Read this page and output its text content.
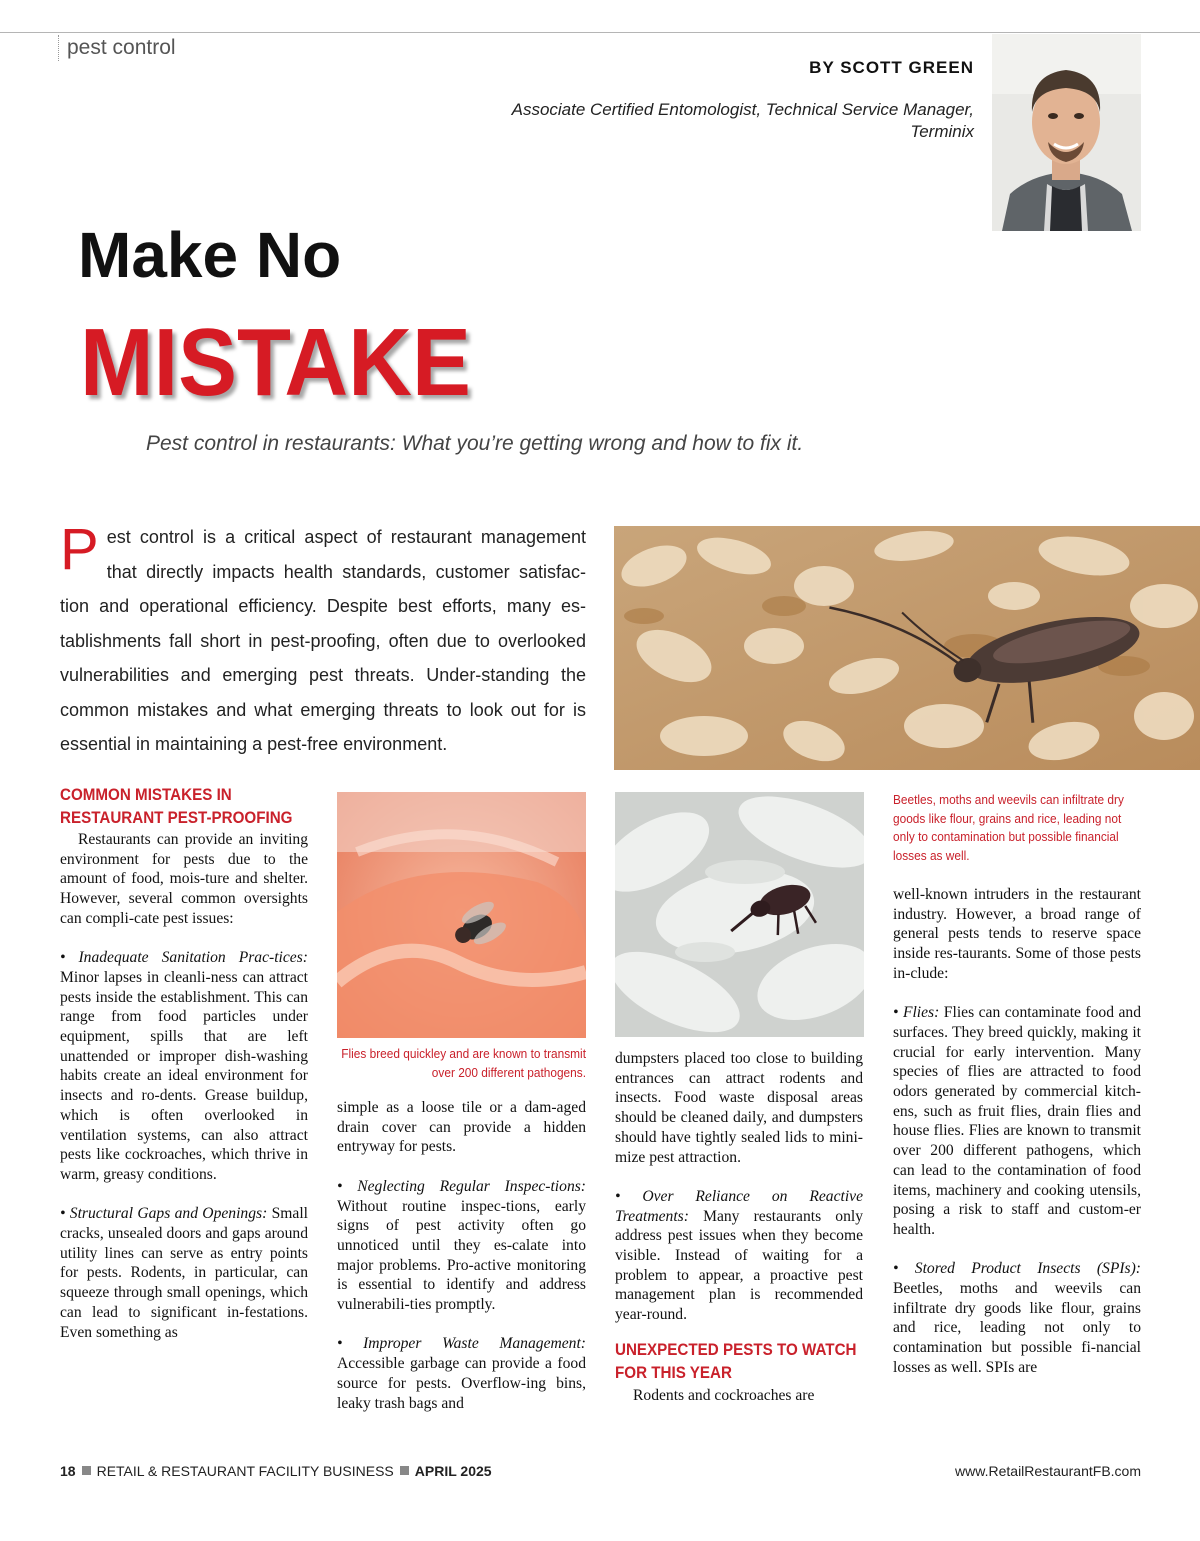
pest control
BY SCOTT GREEN
Associate Certified Entomologist, Technical Service Manager,
Terminix
Make No
MISTAKE
Pest control in restaurants: What you’re getting wrong and how to fix it.
P est control is a critical aspect of restaurant management that directly impacts health standards, customer satisfac-tion and operational efficiency. Despite best efforts, many es-tablishments fall short in pest-proofing, often due to overlooked vulnerabilities and emerging pest threats. Under-standing the common mistakes and what emerging threats to look out for is essential in maintaining a pest-free environment.
COMMON MISTAKES IN RESTAURANT PEST-PROOFING

Restaurants can provide an inviting environment for pests due to the amount of food, mois-ture and shelter. However, several common oversights can compli-cate pest issues:

• Inadequate Sanitation Prac-tices: Minor lapses in cleanli-ness can attract pests inside the establishment. This can range from food particles under equipment, spills that are left unattended or improper dish-washing habits create an ideal environment for insects and ro-dents. Grease buildup, which is often overlooked in ventilation systems, can also attract pests like cockroaches, which thrive in warm, greasy conditions.

• Structural Gaps and Openings: Small cracks, unsealed doors and gaps around utility lines can serve as entry points for pests. Rodents, in particular, can squeeze through small openings, which can lead to significant in-festations. Even something as

Flies breed quickley and are known to transmit over 200 different pathogens.

simple as a loose tile or a dam-aged drain cover can provide a hidden entryway for pests.

• Neglecting Regular Inspec-tions: Without routine inspec-tions, early signs of pest activity often go unnoticed until they es-calate into major problems. Pro-active monitoring is essential to identify and address vulnerabili-ties promptly.

• Improper Waste Management: Accessible garbage can provide a food source for pests. Overflow-ing bins, leaky trash bags and

dumpsters placed too close to building entrances can attract rodents and insects. Food waste disposal areas should be cleaned daily, and dumpsters should have tightly sealed lids to mini-mize pest attraction.

• Over Reliance on Reactive Treatments: Many restaurants only address pest issues when they become visible. Instead of waiting for a problem to appear, a proactive pest management plan is recommended year-round.

UNEXPECTED PESTS TO WATCH FOR THIS YEAR

Rodents and cockroaches are

Beetles, moths and weevils can infiltrate dry goods like flour, grains and rice, leading not only to contamination but possible financial losses as well.

well-known intruders in the restaurant industry. However, a broad range of general pests tends to reserve space inside res-taurants. Some of those pests in-clude:

• Flies: Flies can contaminate food and surfaces. They breed quickly, making it crucial for early intervention. Many species of flies are attracted to food odors generated by commercial kitch-ens, such as fruit flies, drain flies and house flies. Flies are known to transmit over 200 different pathogens, which can lead to the contamination of food items, machinery and cooking utensils, posing a risk to staff and custom-er health.

• Stored Product Insects (SPIs): Beetles, moths and weevils can infiltrate dry goods like flour, grains and rice, leading not only to contamination but possible fi-nancial losses as well. SPIs are

18 RETAIL & RESTAURANT FACILITY BUSINESS APRIL 2025	www.RetailRestaurantFB.com
